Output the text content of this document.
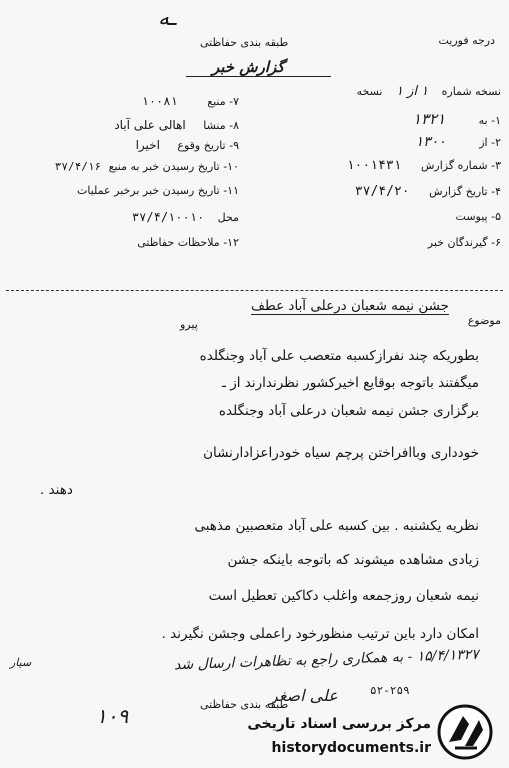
ـه
درجه فوریت
طبقه بندی حفاظتی
گزارش خبر
نسخه شماره ۱ از ۱ نسخه
۱- به ۱۳۲۱
۲- از ۱۳۰۰
۳- شماره گزارش ۱۰۰۱۴۳۱
۴- تاریخ گزارش ۳۷/۴/۲۰
۵- پیوست
۶- گیرندگان خبر
۷- منبع ۱۰۰۸۱
۸- منشا اهالی علی آباد
۹- تاریخ وقوع اخیرا
۱۰- تاریخ رسیدن خبر به منبع ۳۷/۴/۱۶
۱۱- تاریخ رسیدن خبر برخبر عملیات
محل ۳۷/۴/۱۰۰۱۰
۱۲- ملاحظات حفاظتی
موضوع
جشن نیمه شعبان درعلی آباد عطف
پیرو
بطوریکه چند نفرازکسبه متعصب علی آباد وجنگلده
میگفتند باتوجه بوقایع اخیرکشور نظرندارند از ـ
برگزاری جشن نیمه شعبان درعلی آباد وجنگلده
خودداری وباافراختن پرچم سیاه خودراعزادارنشان
دهند .
نظریه یکشنبه . بین کسبه علی آباد متعصبین مذهبی
زیادی مشاهده میشوند که باتوجه باینکه جشن
نیمه شعبان روزجمعه واغلب دکاکین تعطیل است
امکان دارد باین ترتیب منظورخود راعملی وجشن نگیرند .
۱۵/۴/۱۳۲۷ - به همکاری راجع به تظاهرات ارسال شد
سیار
علی اصغر	۵۲-۲۵۹
طبقه بندی حفاظتی
۱۰۹	مرکز بررسی اسناد تاریخی
historydocuments.ir
